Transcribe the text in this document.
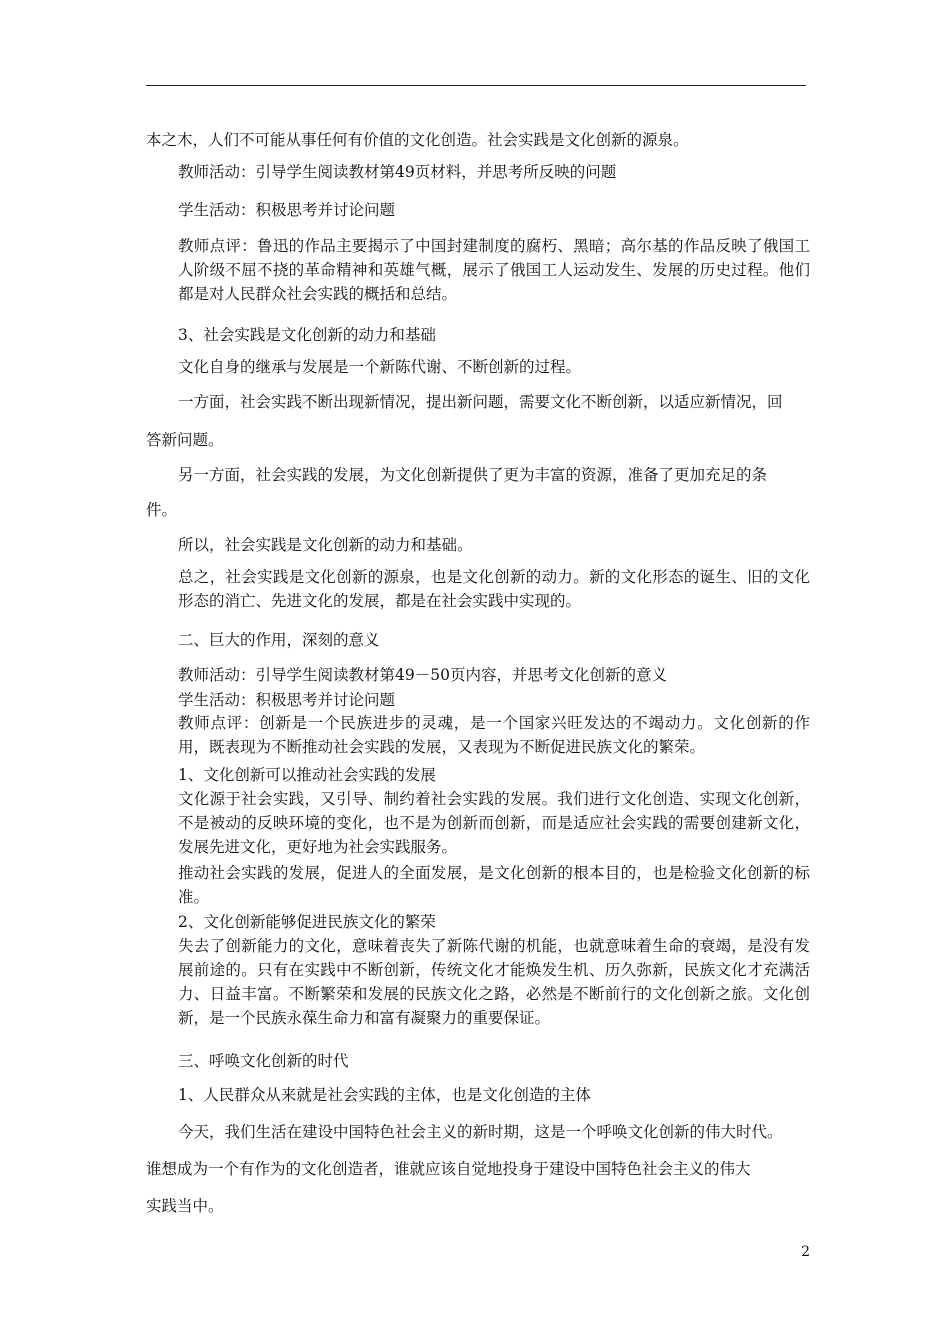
本之木，人们不可能从事任何有价值的文化创造。社会实践是文化创新的源泉。

教师活动：引导学生阅读教材第49页材料，并思考所反映的问题

学生活动：积极思考并讨论问题

教师点评：鲁迅的作品主要揭示了中国封建制度的腐朽、黑暗；高尔基的作品反映了俄国工人阶级不屈不挠的革命精神和英雄气概，展示了俄国工人运动发生、发展的历史过程。他们都是对人民群众社会实践的概括和总结。

3、社会实践是文化创新的动力和基础

文化自身的继承与发展是一个新陈代谢、不断创新的过程。

一方面，社会实践不断出现新情况，提出新问题，需要文化不断创新，以适应新情况，回

答新问题。

另一方面，社会实践的发展，为文化创新提供了更为丰富的资源，准备了更加充足的条

件。

所以，社会实践是文化创新的动力和基础。

总之，社会实践是文化创新的源泉，也是文化创新的动力。新的文化形态的诞生、旧的文化形态的消亡、先进文化的发展，都是在社会实践中实现的。

二、巨大的作用，深刻的意义

教师活动：引导学生阅读教材第49－50页内容，并思考文化创新的意义

学生活动：积极思考并讨论问题

教师点评：创新是一个民族进步的灵魂，是一个国家兴旺发达的不竭动力。文化创新的作用，既表现为不断推动社会实践的发展，又表现为不断促进民族文化的繁荣。

1、文化创新可以推动社会实践的发展

文化源于社会实践，又引导、制约着社会实践的发展。我们进行文化创造、实现文化创新，不是被动的反映环境的变化，也不是为创新而创新，而是适应社会实践的需要创建新文化，发展先进文化，更好地为社会实践服务。

推动社会实践的发展，促进人的全面发展，是文化创新的根本目的，也是检验文化创新的标准。

2、文化创新能够促进民族文化的繁荣

失去了创新能力的文化，意味着丧失了新陈代谢的机能，也就意味着生命的衰竭，是没有发展前途的。只有在实践中不断创新，传统文化才能焕发生机、历久弥新，民族文化才充满活力、日益丰富。不断繁荣和发展的民族文化之路，必然是不断前行的文化创新之旅。文化创新，是一个民族永葆生命力和富有凝聚力的重要保证。

三、呼唤文化创新的时代

1、人民群众从来就是社会实践的主体，也是文化创造的主体

今天，我们生活在建设中国特色社会主义的新时期，这是一个呼唤文化创新的伟大时代。

谁想成为一个有作为的文化创造者，谁就应该自觉地投身于建设中国特色社会主义的伟大

实践当中。

2
